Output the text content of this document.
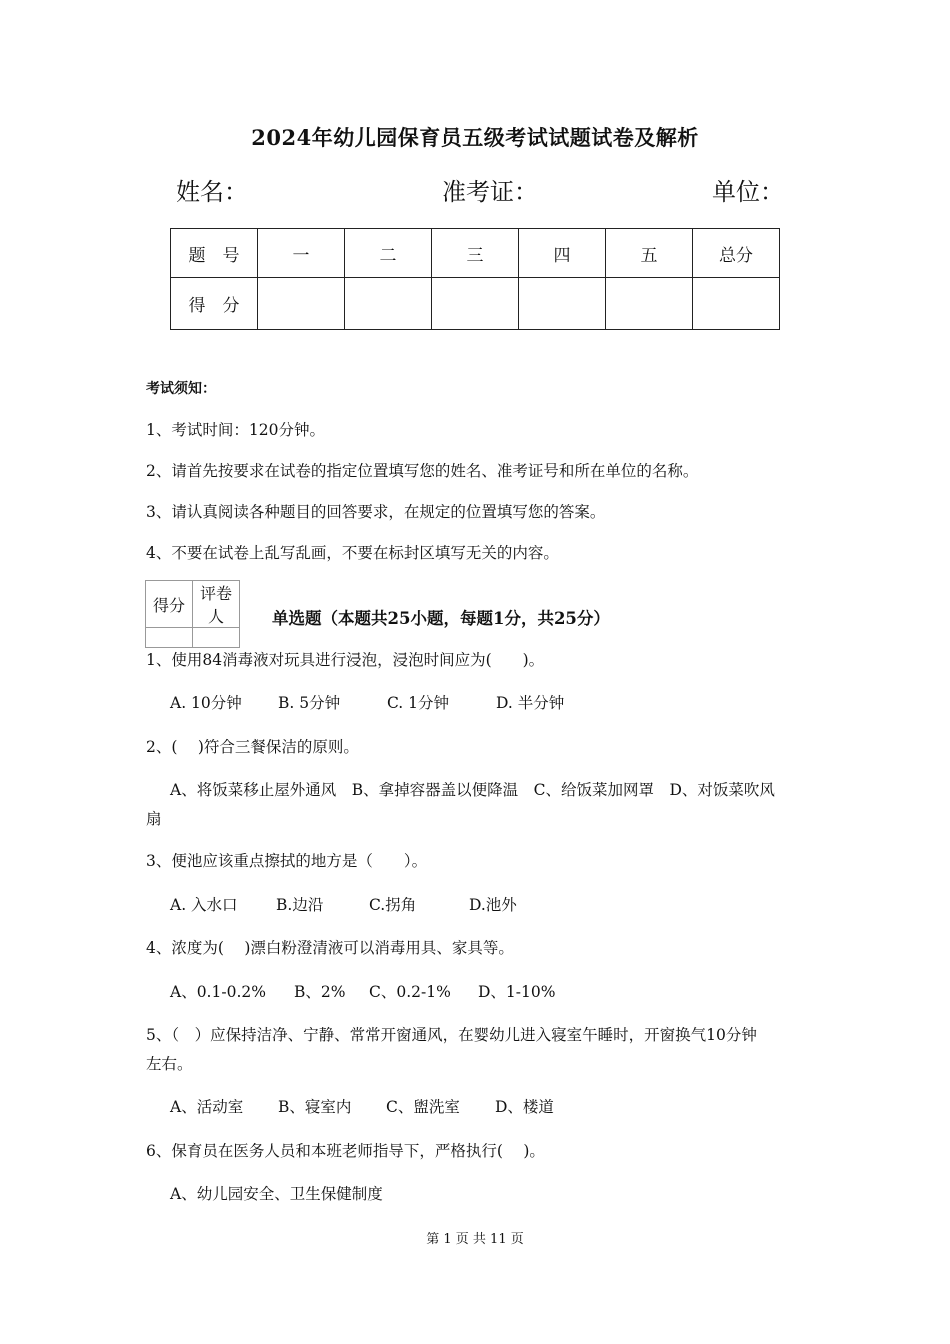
2024年幼儿园保育员五级考试试题试卷及解析
姓名：	准考证：	单位：
题　号	一	二	三	四	五	总分
得　分						
考试须知：
1、考试时间：120分钟。
2、请首先按要求在试卷的指定位置填写您的姓名、准考证号和所在单位的名称。
3、请认真阅读各种题目的回答要求，在规定的位置填写您的答案。
4、不要在试卷上乱写乱画，不要在标封区填写无关的内容。
得分	评卷人
		单选题（本题共25小题，每题1分，共25分）
1、使用84消毒液对玩具进行浸泡，浸泡时间应为(　　)。
A. 10分钟 B. 5分钟	C. 1分钟	D. 半分钟
2、(　 )符合三餐保洁的原则。
A、将饭菜移止屋外通风　B、拿掉容器盖以便降温　C、给饭菜加网罩　D、对饭菜吹风
扇
3、便池应该重点擦拭的地方是（　　）。
A. 入水口 B.边沿	C.拐角	D.池外
4、浓度为(　 )漂白粉澄清液可以消毒用具、家具等。
A、0.1-0.2% B、2% C、0.2-1% D、1-10%
5、（　）应保持洁净、宁静、常常开窗通风，在婴幼儿进入寝室午睡时，开窗换气10分钟
左右。
A、活动室 B、寝室内 C、盥洗室 D、楼道
6、保育员在医务人员和本班老师指导下，严格执行(　 )。
A、幼儿园安全、卫生保健制度
第 1 页 共 11 页
